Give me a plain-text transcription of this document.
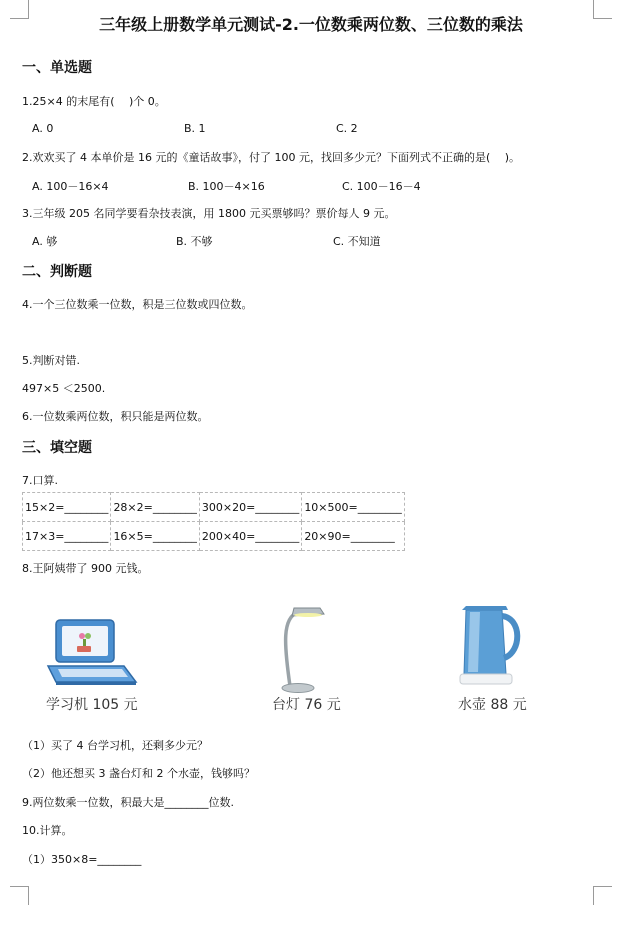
三年级上册数学单元测试-2.一位数乘两位数、三位数的乘法
一、单选题
1.25×4 的末尾有(　 )个 0。
A. 0	B. 1	C. 2
2.欢欢买了 4 本单价是 16 元的《童话故事》，付了 100 元，找回多少元？下面列式不正确的是(　 )。
A. 100－16×4	B. 100－4×16	C. 100－16－4
3.三年级 205 名同学要看杂技表演，用 1800 元买票够吗？票价每人 9 元。
A. 够	B. 不够	C. 不知道
二、判断题
4.一个三位数乘一位数，积是三位数或四位数。
5.判断对错.
497×5 ＜2500.
6.一位数乘两位数，积只能是两位数。
三、填空题
7.口算.
15×2=________	28×2=________	300×20=________	10×500=________
17×3=________	16×5=________	200×40=________	20×90=________
8.王阿姨带了 900 元钱。
学习机 105 元	台灯 76 元	水壶 88 元
（1）买了 4 台学习机，还剩多少元？
（2）他还想买 3 盏台灯和 2 个水壶，钱够吗？
9.两位数乘一位数，积最大是________位数.
10.计算。
（1）350×8=________
